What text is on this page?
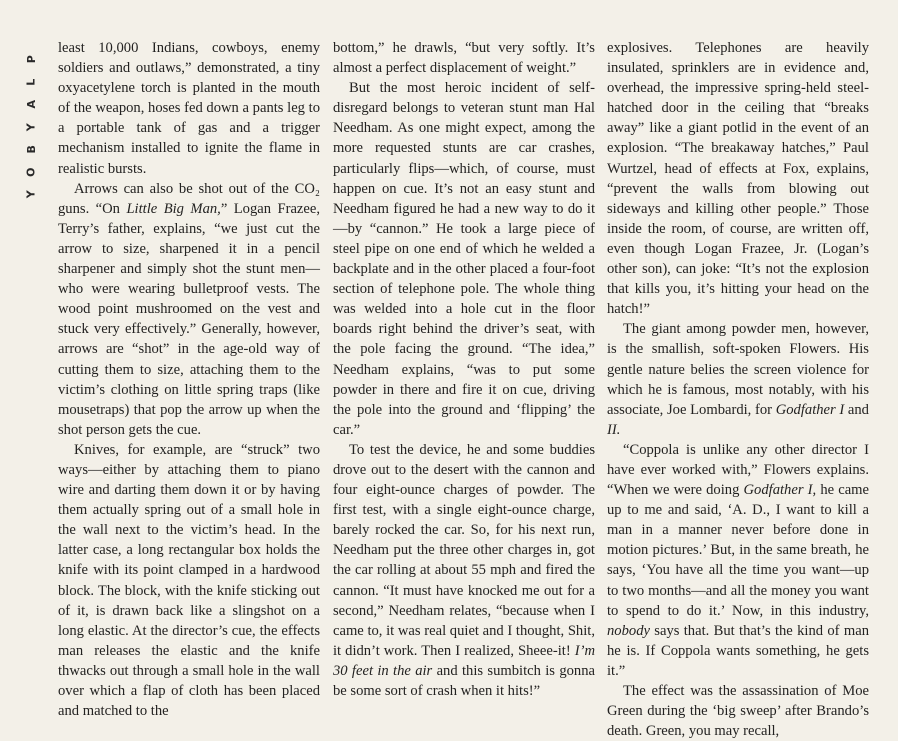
P
L
A
Y
B
O
Y

least 10,000 Indians, cowboys, enemy soldiers and outlaws,” demonstrated, a tiny oxyacetylene torch is planted in the mouth of the weapon, hoses fed down a pants leg to a portable tank of gas and a trigger mechanism installed to ignite the flame in realistic bursts.

Arrows can also be shot out of the CO₂ guns. “On Little Big Man,” Logan Frazee, Terry’s father, explains, “we just cut the arrow to size, sharpened it in a pencil sharpener and simply shot the stunt men—who were wearing bulletproof vests. The wood point mushroomed on the vest and stuck very effectively.” Generally, however, arrows are “shot” in the age-old way of cutting them to size, attaching them to the victim’s clothing on little spring traps (like mousetraps) that pop the arrow up when the shot person gets the cue.

Knives, for example, are “struck” two ways—either by attaching them to piano wire and darting them down it or by having them actually spring out of a small hole in the wall next to the victim’s head. In the latter case, a long rectangular box holds the knife with its point clamped in a hardwood block. The block, with the knife sticking out of it, is drawn back like a slingshot on a long elastic. At the director’s cue, the effects man releases the elastic and the knife thwacks out through a small hole in the wall over which a flap of cloth has been placed and matched to the

bottom,” he drawls, “but very softly. It’s almost a perfect displacement of weight.”

But the most heroic incident of self-disregard belongs to veteran stunt man Hal Needham. As one might expect, among the more requested stunts are car crashes, particularly flips—which, of course, must happen on cue. It’s not an easy stunt and Needham figured he had a new way to do it—by “cannon.” He took a large piece of steel pipe on one end of which he welded a backplate and in the other placed a four-foot section of telephone pole. The whole thing was welded into a hole cut in the floor boards right behind the driver’s seat, with the pole facing the ground. “The idea,” Needham explains, “was to put some powder in there and fire it on cue, driving the pole into the ground and ‘flipping’ the car.”

To test the device, he and some buddies drove out to the desert with the cannon and four eight-ounce charges of powder. The first test, with a single eight-ounce charge, barely rocked the car. So, for his next run, Needham put the three other charges in, got the car rolling at about 55 mph and fired the cannon. “It must have knocked me out for a second,” Needham relates, “because when I came to, it was real quiet and I thought, Shit, it didn’t work. Then I realized, Sheee-it! I’m 30 feet in the air and this sumbitch is gonna be some sort of crash when it hits!”

explosives. Telephones are heavily insulated, sprinklers are in evidence and, overhead, the impressive spring-held steel-hatched door in the ceiling that “breaks away” like a giant potlid in the event of an explosion. “The breakaway hatches,” Paul Wurtzel, head of effects at Fox, explains, “prevent the walls from blowing out sideways and killing other people.” Those inside the room, of course, are written off, even though Logan Frazee, Jr. (Logan’s other son), can joke: “It’s not the explosion that kills you, it’s hitting your head on the hatch!”

The giant among powder men, however, is the smallish, soft-spoken Flowers. His gentle nature belies the screen violence for which he is famous, most notably, with his associate, Joe Lombardi, for Godfather I and II.

“Coppola is unlike any other director I have ever worked with,” Flowers explains. “When we were doing Godfather I, he came up to me and said, ‘A. D., I want to kill a man in a manner never before done in motion pictures.’ But, in the same breath, he says, ‘You have all the time you want—up to two months—and all the money you want to spend to do it.’ Now, in this industry, nobody says that. But that’s the kind of man he is. If Coppola wants something, he gets it.”

The effect was the assassination of Moe Green during the ‘big sweep’ after Brando’s death. Green, you may recall,
